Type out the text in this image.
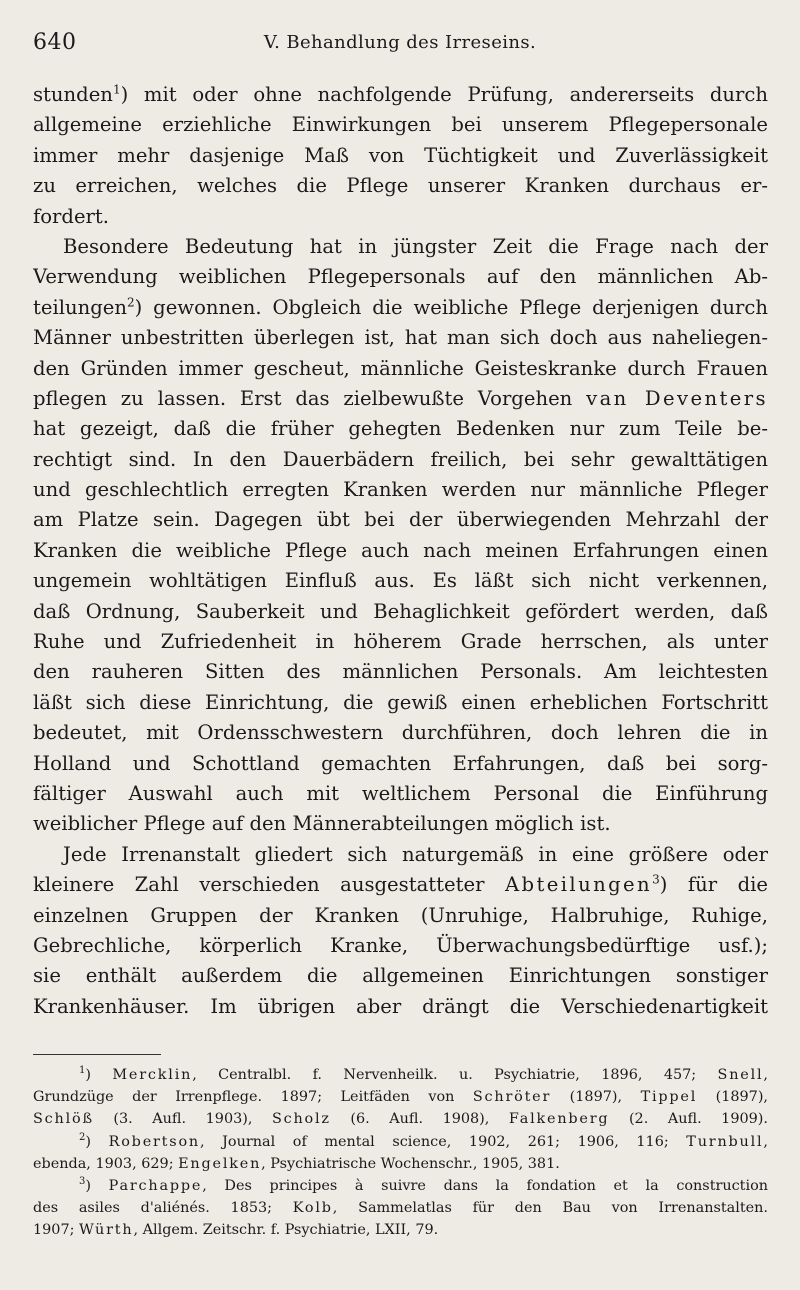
640	V. Behandlung des Irreseins.
stunden$^1$) mit oder ohne nachfolgende Prüfung, andererseits durch
allgemeine erziehliche Einwirkungen bei unserem Pflegepersonale
immer mehr dasjenige Maß von Tüchtigkeit und Zuverlässigkeit
zu erreichen, welches die Pflege unserer Kranken durchaus er-
fordert.
Besondere Bedeutung hat in jüngster Zeit die Frage nach der
Verwendung weiblichen Pflegepersonals auf den männlichen Ab-
teilungen$^2$) gewonnen. Obgleich die weibliche Pflege derjenigen durch
Männer unbestritten überlegen ist, hat man sich doch aus naheliegen-
den Gründen immer gescheut, männliche Geisteskranke durch Frauen
pflegen zu lassen. Erst das zielbewußte Vorgehen van Deventers
hat gezeigt, daß die früher gehegten Bedenken nur zum Teile be-
rechtigt sind. In den Dauerbädern freilich, bei sehr gewalttätigen
und geschlechtlich erregten Kranken werden nur männliche Pfleger
am Platze sein. Dagegen übt bei der überwiegenden Mehrzahl der
Kranken die weibliche Pflege auch nach meinen Erfahrungen einen
ungemein wohltätigen Einfluß aus. Es läßt sich nicht verkennen,
daß Ordnung, Sauberkeit und Behaglichkeit gefördert werden, daß
Ruhe und Zufriedenheit in höherem Grade herrschen, als unter
den rauheren Sitten des männlichen Personals. Am leichtesten
läßt sich diese Einrichtung, die gewiß einen erheblichen Fortschritt
bedeutet, mit Ordensschwestern durchführen, doch lehren die in
Holland und Schottland gemachten Erfahrungen, daß bei sorg-
fältiger Auswahl auch mit weltlichem Personal die Einführung
weiblicher Pflege auf den Männerabteilungen möglich ist.
Jede Irrenanstalt gliedert sich naturgemäß in eine größere oder
kleinere Zahl verschieden ausgestatteter Abteilungen$^3$) für die
einzelnen Gruppen der Kranken (Unruhige, Halbruhige, Ruhige,
Gebrechliche, körperlich Kranke, Überwachungsbedürftige usf.);
sie enthält außerdem die allgemeinen Einrichtungen sonstiger
Krankenhäuser. Im übrigen aber drängt die Verschiedenartigkeit
$^1$) Mercklin, Centralbl. f. Nervenheilk. u. Psychiatrie, 1896, 457; Snell,
Grundzüge der Irrenpflege. 1897; Leitfäden von Schröter (1897), Tippel (1897),
Schlöß (3. Aufl. 1903), Scholz (6. Aufl. 1908), Falkenberg (2. Aufl. 1909).
$^2$) Robertson, Journal of mental science, 1902, 261; 1906, 116; Turnbull,
ebenda, 1903, 629; Engelken, Psychiatrische Wochenschr., 1905, 381.
$^3$) Parchappe, Des principes à suivre dans la fondation et la construction
des asiles d'aliénés. 1853; Kolb, Sammelatlas für den Bau von Irrenanstalten.
1907; Würth, Allgem. Zeitschr. f. Psychiatrie, LXII, 79.
